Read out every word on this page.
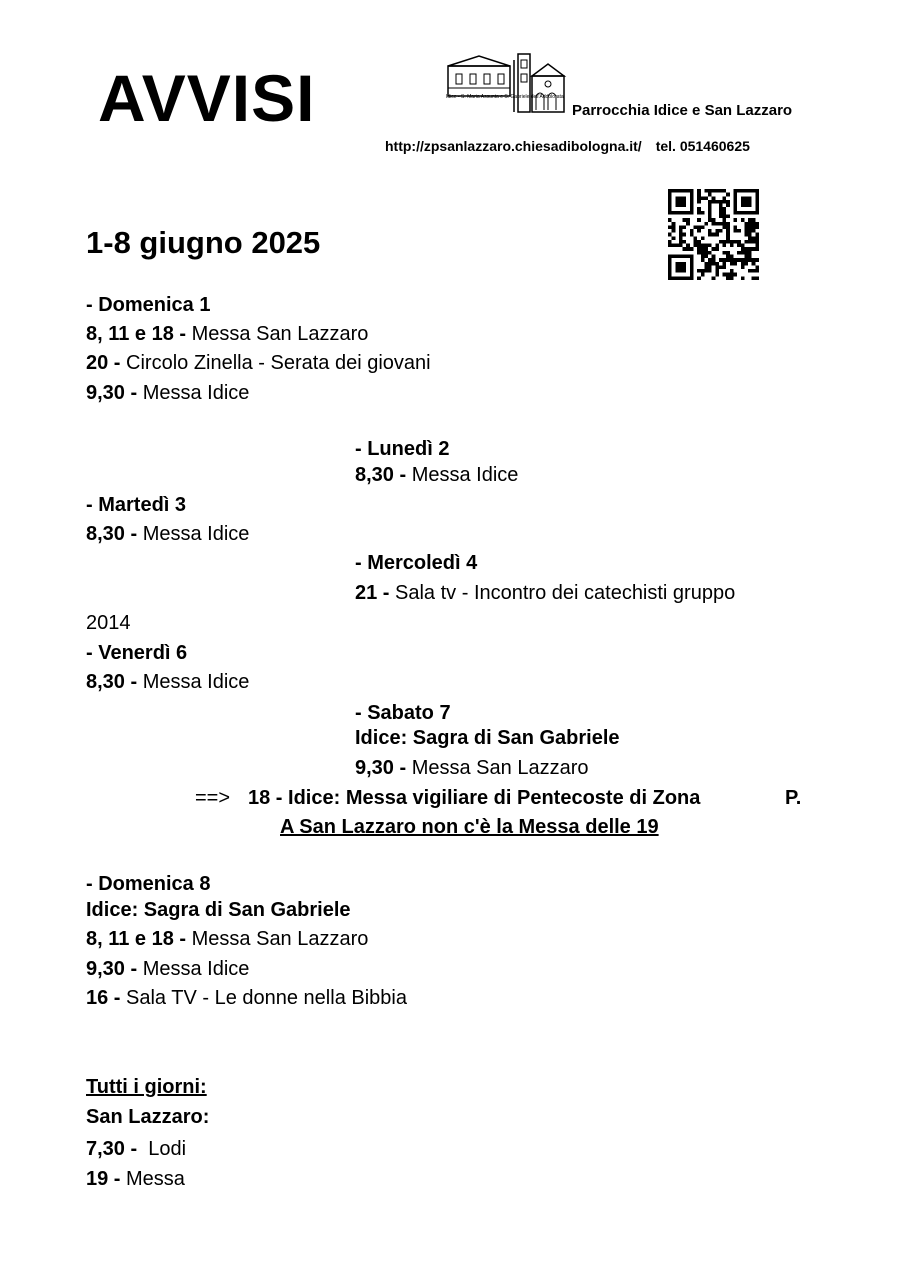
AVVISI	Idice - S. Maria Assunta e S. Gabriele dell'Addolorata
Parrocchia Idice e San Lazzaro
http://zpsanlazzaro.chiesadibologna.it/ tel. 051460625
1-8 giugno 2025
- Domenica 1
8, 11 e 18 - Messa San Lazzaro
20 - Circolo Zinella - Serata dei giovani
9,30 - Messa Idice
- Lunedì 2
8,30 - Messa Idice
- Martedì 3
8,30 - Messa Idice
- Mercoledì 4
21 - Sala tv - Incontro dei catechisti gruppo
2014
- Venerdì 6
8,30 - Messa Idice
- Sabato 7
Idice: Sagra di San Gabriele
9,30 - Messa San Lazzaro
==> 18 - Idice: Messa vigiliare di Pentecoste di Zona	P.
A San Lazzaro non c'è la Messa delle 19
- Domenica 8
Idice: Sagra di San Gabriele
8, 11 e 18 - Messa San Lazzaro
9,30 - Messa Idice
16 - Sala TV - Le donne nella Bibbia
Tutti i giorni:
San Lazzaro:
7,30 -  Lodi
19 - Messa
